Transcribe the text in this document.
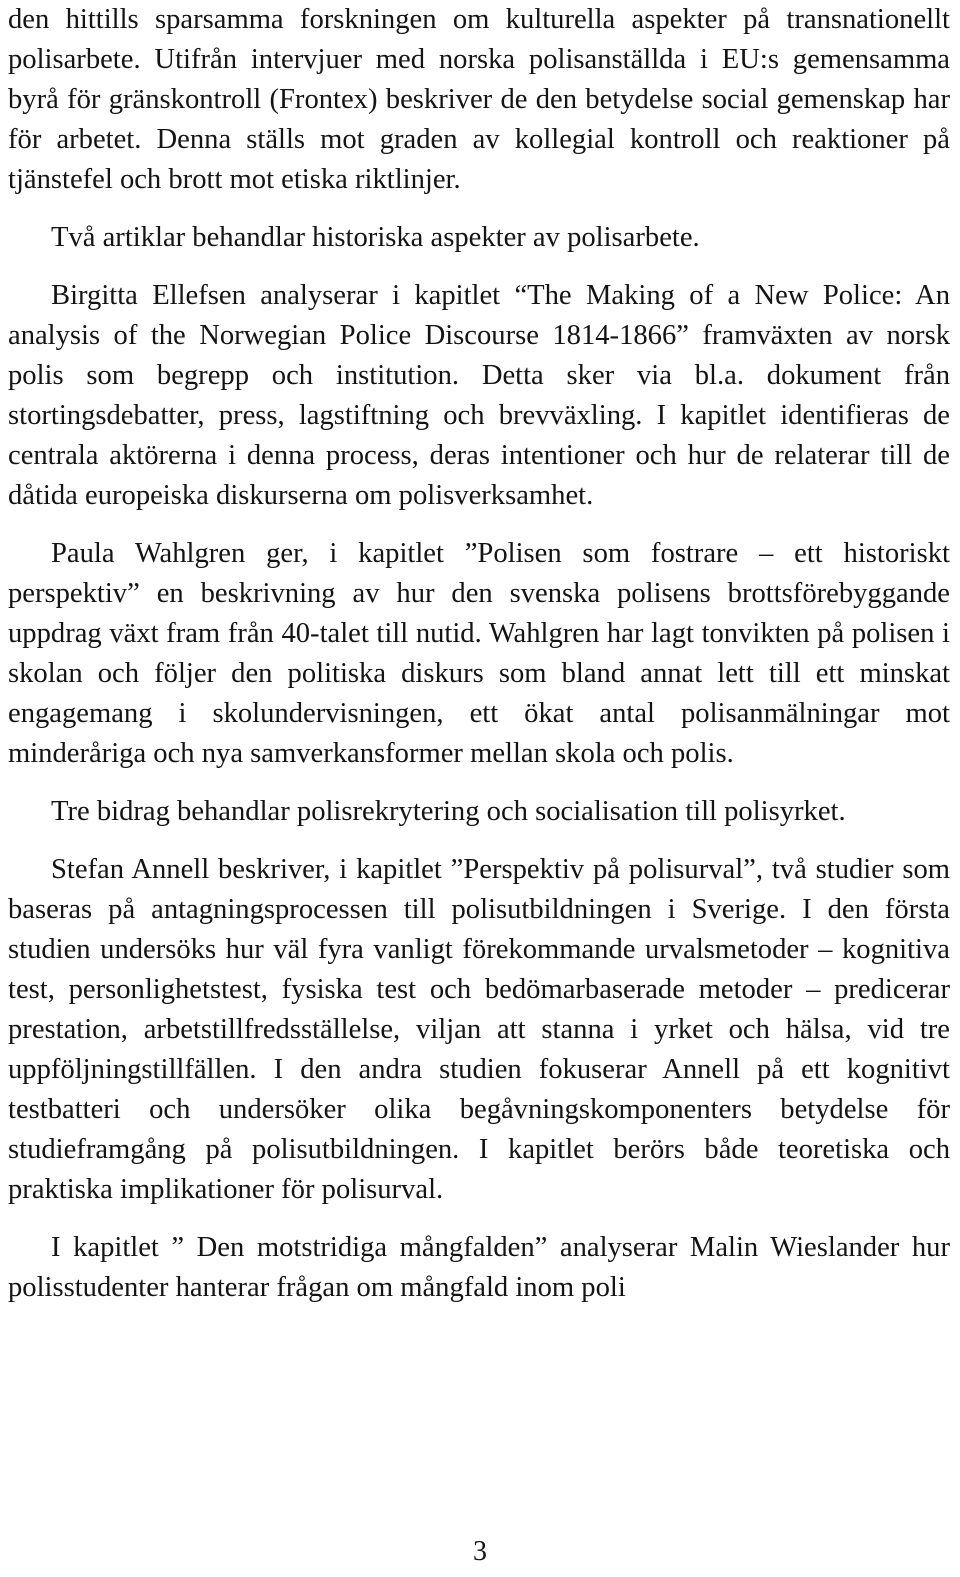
den hittills sparsamma forskningen om kulturella aspekter på transnationellt polisarbete. Utifrån intervjuer med norska polisanställda i EU:s gemensamma byrå för gränskontroll (Frontex) beskriver de den betydelse social gemenskap har för arbetet. Denna ställs mot graden av kollegial kontroll och reaktioner på tjänstefel och brott mot etiska riktlinjer.

Två artiklar behandlar historiska aspekter av polisarbete.

Birgitta Ellefsen analyserar i kapitlet “The Making of a New Police: An analysis of the Norwegian Police Discourse 1814-1866” framväxten av norsk polis som begrepp och institution. Detta sker via bl.a. dokument från stortingsdebatter, press, lagstiftning och brevväxling. I kapitlet identifieras de centrala aktörerna i denna process, deras intentioner och hur de relaterar till de dåtida europeiska diskurserna om polisverksamhet.

Paula Wahlgren ger, i kapitlet ”Polisen som fostrare – ett historiskt perspektiv” en beskrivning av hur den svenska polisens brottsförebyggande uppdrag växt fram från 40-talet till nutid. Wahlgren har lagt tonvikten på polisen i skolan och följer den politiska diskurs som bland annat lett till ett minskat engagemang i skolundervisningen, ett ökat antal polisanmälningar mot minderåriga och nya samverkansformer mellan skola och polis.

Tre bidrag behandlar polisrekrytering och socialisation till polisyrket.

Stefan Annell beskriver, i kapitlet ”Perspektiv på polisurval”, två studier som baseras på antagningsprocessen till polisutbildningen i Sverige. I den första studien undersöks hur väl fyra vanligt förekommande urvalsmetoder – kognitiva test, personlighetstest, fysiska test och bedömarbaserade metoder – predicerar prestation, arbetstillfredsställelse, viljan att stanna i yrket och hälsa, vid tre uppföljningstillfällen. I den andra studien fokuserar Annell på ett kognitivt testbatteri och undersöker olika begåvningskomponenters betydelse för studieframgång på polisutbildningen. I kapitlet berörs både teoretiska och praktiska implikationer för polisurval.

I kapitlet ” Den motstridiga mångfalden” analyserar Malin Wieslander hur polisstudenter hanterar frågan om mångfald inom poli

3
